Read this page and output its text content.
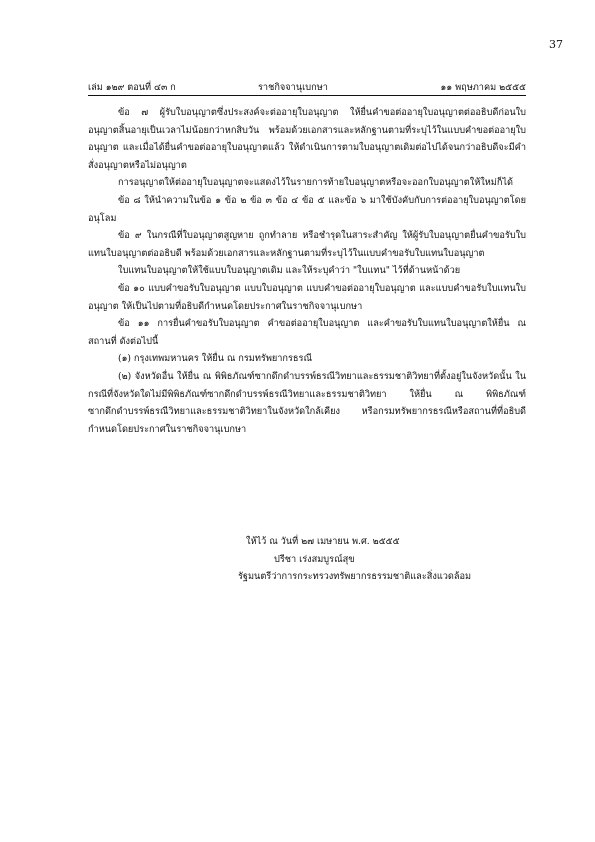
37
เล่ม ๑๒๙ ตอนที่ ๔๓ ก	ราชกิจจานุเบกษา	๑๑ พฤษภาคม ๒๕๕๕

ข้อ ๗ ผู้รับใบอนุญาตซึ่งประสงค์จะต่ออายุใบอนุญาต ให้ยื่นคำขอต่ออายุใบอนุญาตต่ออธิบดีก่อนใบอนุญาตสิ้นอายุเป็นเวลาไม่น้อยกว่าหกสิบวัน พร้อมด้วยเอกสารและหลักฐานตามที่ระบุไว้ในแบบคำขอต่ออายุใบอนุญาต และเมื่อได้ยื่นคำขอต่ออายุใบอนุญาตแล้ว ให้ดำเนินการตามใบอนุญาตเดิมต่อไปได้จนกว่าอธิบดีจะมีคำสั่งอนุญาตหรือไม่อนุญาต

การอนุญาตให้ต่ออายุใบอนุญาตจะแสดงไว้ในรายการท้ายใบอนุญาตหรือจะออกใบอนุญาตให้ใหม่ก็ได้

ข้อ ๘ ให้นำความในข้อ ๑ ข้อ ๒ ข้อ ๓ ข้อ ๔ ข้อ ๕ และข้อ ๖ มาใช้บังคับกับการต่ออายุใบอนุญาตโดยอนุโลม

ข้อ ๙ ในกรณีที่ใบอนุญาตสูญหาย ถูกทำลาย หรือชำรุดในสาระสำคัญ ให้ผู้รับใบอนุญาตยื่นคำขอรับใบแทนใบอนุญาตต่ออธิบดี พร้อมด้วยเอกสารและหลักฐานตามที่ระบุไว้ในแบบคำขอรับใบแทนใบอนุญาต

ใบแทนใบอนุญาตให้ใช้แบบใบอนุญาตเดิม และให้ระบุคำว่า "ใบแทน" ไว้ที่ด้านหน้าด้วย

ข้อ ๑๐ แบบคำขอรับใบอนุญาต แบบใบอนุญาต แบบคำขอต่ออายุใบอนุญาต และแบบคำขอรับใบแทนใบอนุญาต ให้เป็นไปตามที่อธิบดีกำหนดโดยประกาศในราชกิจจานุเบกษา

ข้อ ๑๑ การยื่นคำขอรับใบอนุญาต คำขอต่ออายุใบอนุญาต และคำขอรับใบแทนใบอนุญาตให้ยื่น ณ สถานที่ ดังต่อไปนี้

(๑) กรุงเทพมหานคร ให้ยื่น ณ กรมทรัพยากรธรณี

(๒) จังหวัดอื่น ให้ยื่น ณ พิพิธภัณฑ์ซากดึกดำบรรพ์ธรณีวิทยาและธรรมชาติวิทยาที่ตั้งอยู่ในจังหวัดนั้น ในกรณีที่จังหวัดใดไม่มีพิพิธภัณฑ์ซากดึกดำบรรพ์ธรณีวิทยาและธรรมชาติวิทยา ให้ยื่น ณ พิพิธภัณฑ์ซากดึกดำบรรพ์ธรณีวิทยาและธรรมชาติวิทยาในจังหวัดใกล้เคียง หรือกรมทรัพยากรธรณีหรือสถานที่ที่อธิบดีกำหนดโดยประกาศในราชกิจจานุเบกษา

ให้ไว้ ณ วันที่ ๒๗ เมษายน พ.ศ. ๒๕๕๕
ปรีชา เร่งสมบูรณ์สุข
รัฐมนตรีว่าการกระทรวงทรัพยากรธรรมชาติและสิ่งแวดล้อม
